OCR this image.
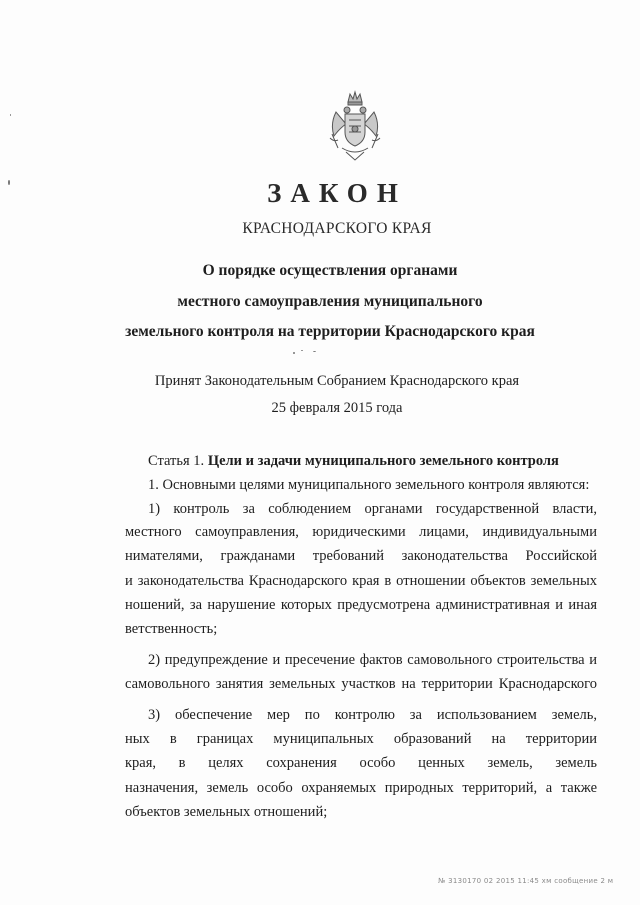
ЗАКОН
КРАСНОДАРСКОГО КРАЯ
О порядке осуществления органами
местного самоуправления муниципального
земельного контроля на территории Краснодарского края
Принят Законодательным Собранием Краснодарского края
25 февраля 2015 года
Статья 1. Цели и задачи муниципального земельного контроля
1. Основными целями муниципального земельного контроля являются:
1) контроль за соблюдением органами государственной власти,
местного самоуправления, юридическими лицами, индивидуальными
нимателями, гражданами требований законодательства Российской
и законодательства Краснодарского края в отношении объектов земельных
ношений, за нарушение которых предусмотрена административная и иная
ветственность;
2) предупреждение и пресечение фактов самовольного строительства и
самовольного занятия земельных участков на территории Краснодарского
3) обеспечение мер по контролю за использованием земель,
ных в границах муниципальных образований на территории
края, в целях сохранения особо ценных земель, земель
назначения, земель особо охраняемых природных территорий, а также
объектов земельных отношений;
№ 3130170 02 2015 11:45 хм сообщение 2 м
